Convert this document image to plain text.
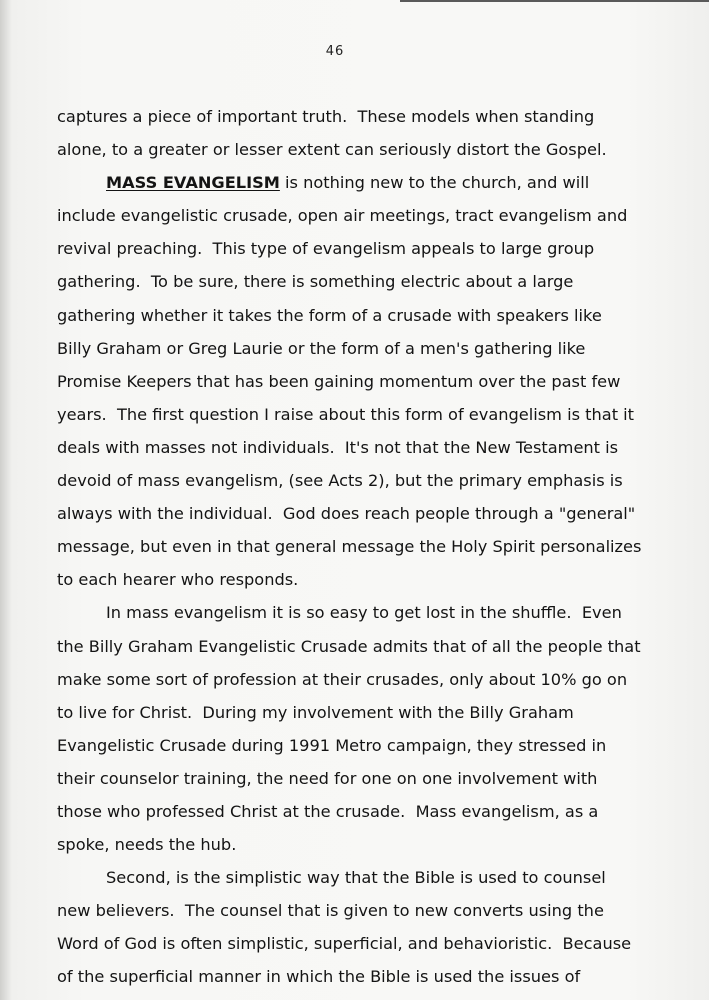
46

captures a piece of important truth.  These models when standing

alone, to a greater or lesser extent can seriously distort the Gospel.

MASS EVANGELISM is nothing new to the church, and will

include evangelistic crusade, open air meetings, tract evangelism and

revival preaching.  This type of evangelism appeals to large group

gathering.  To be sure, there is something electric about a large

gathering whether it takes the form of a crusade with speakers like

Billy Graham or Greg Laurie or the form of a men's gathering like

Promise Keepers that has been gaining momentum over the past few

years.  The first question I raise about this form of evangelism is that it

deals with masses not individuals.  It's not that the New Testament is

devoid of mass evangelism, (see Acts 2), but the primary emphasis is

always with the individual.  God does reach people through a "general"

message, but even in that general message the Holy Spirit personalizes

to each hearer who responds.

In mass evangelism it is so easy to get lost in the shuffle.  Even

the Billy Graham Evangelistic Crusade admits that of all the people that

make some sort of profession at their crusades, only about 10% go on

to live for Christ.  During my involvement with the Billy Graham

Evangelistic Crusade during 1991 Metro campaign, they stressed in

their counselor training, the need for one on one involvement with

those who professed Christ at the crusade.  Mass evangelism, as a

spoke, needs the hub.

Second, is the simplistic way that the Bible is used to counsel

new believers.  The counsel that is given to new converts using the

Word of God is often simplistic, superficial, and behavioristic.  Because

of the superficial manner in which the Bible is used the issues of
